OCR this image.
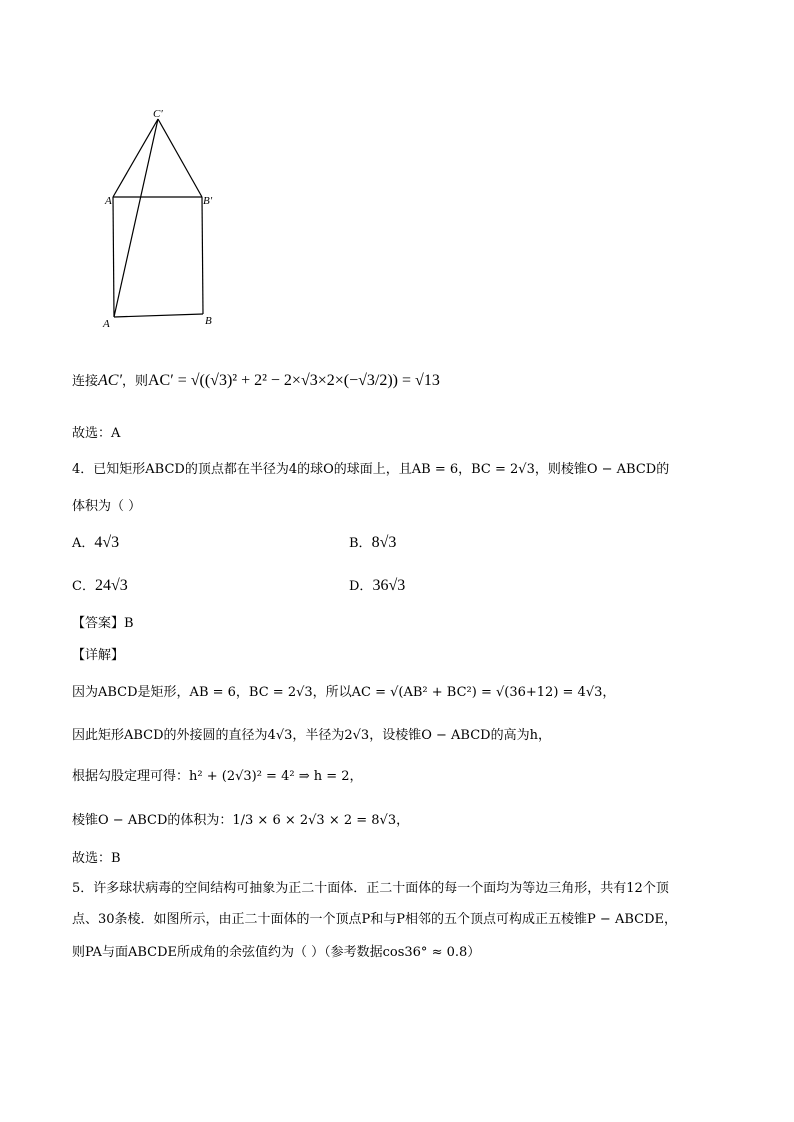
C′
A	B′
A	B
连接AC′，则AC′ = √((√3)² + 2² − 2×√3×2×(−√3/2)) = √13
故选：A
4．已知矩形ABCD的顶点都在半径为4的球O的球面上，且AB = 6，BC = 2√3，则棱锥O − ABCD的
体积为（ ）
A．4√3	B．8√3
C．24√3	D．36√3
【答案】B
【详解】
因为ABCD是矩形，AB = 6，BC = 2√3，所以AC = √(AB² + BC²) = √(36+12) = 4√3，
因此矩形ABCD的外接圆的直径为4√3，半径为2√3，设棱锥O − ABCD的高为h，
根据勾股定理可得：h² + (2√3)² = 4² ⇒ h = 2，
棱锥O − ABCD的体积为：1/3 × 6 × 2√3 × 2 = 8√3，
故选：B
5．许多球状病毒的空间结构可抽象为正二十面体．正二十面体的每一个面均为等边三角形，共有12个顶
点、30条棱．如图所示，由正二十面体的一个顶点P和与P相邻的五个顶点可构成正五棱锥P − ABCDE，
则PA与面ABCDE所成角的余弦值约为（ ）（参考数据cos36° ≈ 0.8）
